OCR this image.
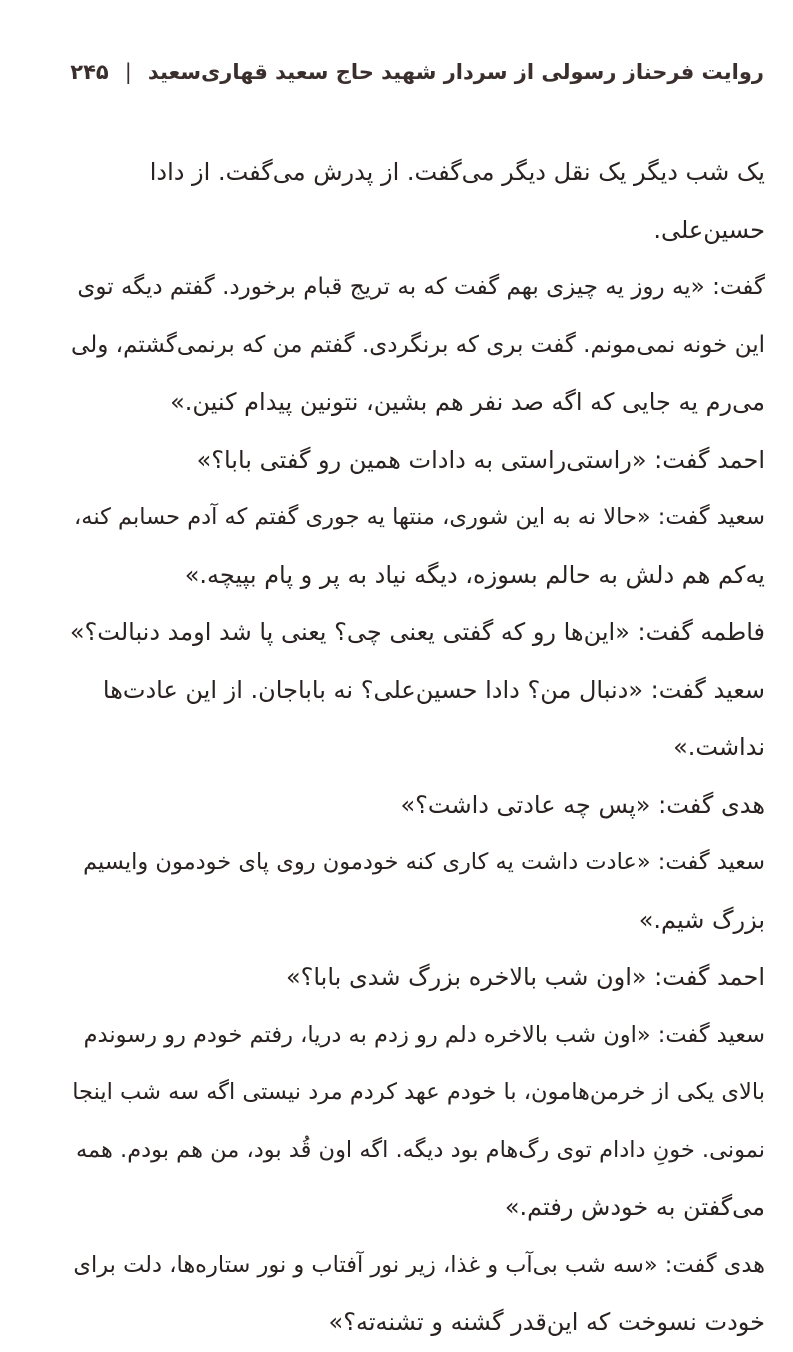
روایت فرحناز رسولی از سردار شهید حاج سعید قهاری‌سعید
|
۲۴۵
یک شب دیگر یک نقل دیگر می‌گفت. از پدرش می‌گفت. از دادا
حسین‌علی.
گفت: «یه روز یه چیزی بهم گفت که به تریج قبام برخورد. گفتم دیگه توی
این خونه نمی‌مونم. گفت بری که برنگردی. گفتم من که برنمی‌گشتم، ولی
می‌رم یه جایی که اگه صد نفر هم بشین، نتونین پیدام کنین.»
احمد گفت: «راستی‌راستی به دادات همین رو گفتی بابا؟»
سعید گفت: «حالا نه به این شوری، منتها یه جوری گفتم که آدم حسابم کنه،
یه‌کم هم دلش به حالم بسوزه، دیگه نیاد به پر و پام بپیچه.»
فاطمه گفت: «این‌ها رو که گفتی یعنی چی؟ یعنی پا شد اومد دنبالت؟»
سعید گفت: «دنبال من؟ دادا حسین‌علی؟ نه باباجان. از این عادت‌ها
نداشت.»
هدی گفت: «پس چه عادتی داشت؟»
سعید گفت: «عادت داشت یه کاری کنه خودمون روی پای خودمون وایسیم
بزرگ شیم.»
احمد گفت: «اون شب بالاخره بزرگ شدی بابا؟»
سعید گفت: «اون شب بالاخره دلم رو زدم به دریا، رفتم خودم رو رسوندم
بالای یکی از خرمن‌هامون، با خودم عهد کردم مرد نیستی اگه سه شب اینجا
نمونی. خونِ دادام توی رگ‌هام بود دیگه. اگه اون قُد بود، من هم بودم. همه
می‌گفتن به خودش رفتم.»
هدی گفت: «سه شب بی‌آب و غذا، زیر نور آفتاب و نور ستاره‌ها، دلت برای
خودت نسوخت که این‌قدر گشنه و تشنه‌ته؟»
